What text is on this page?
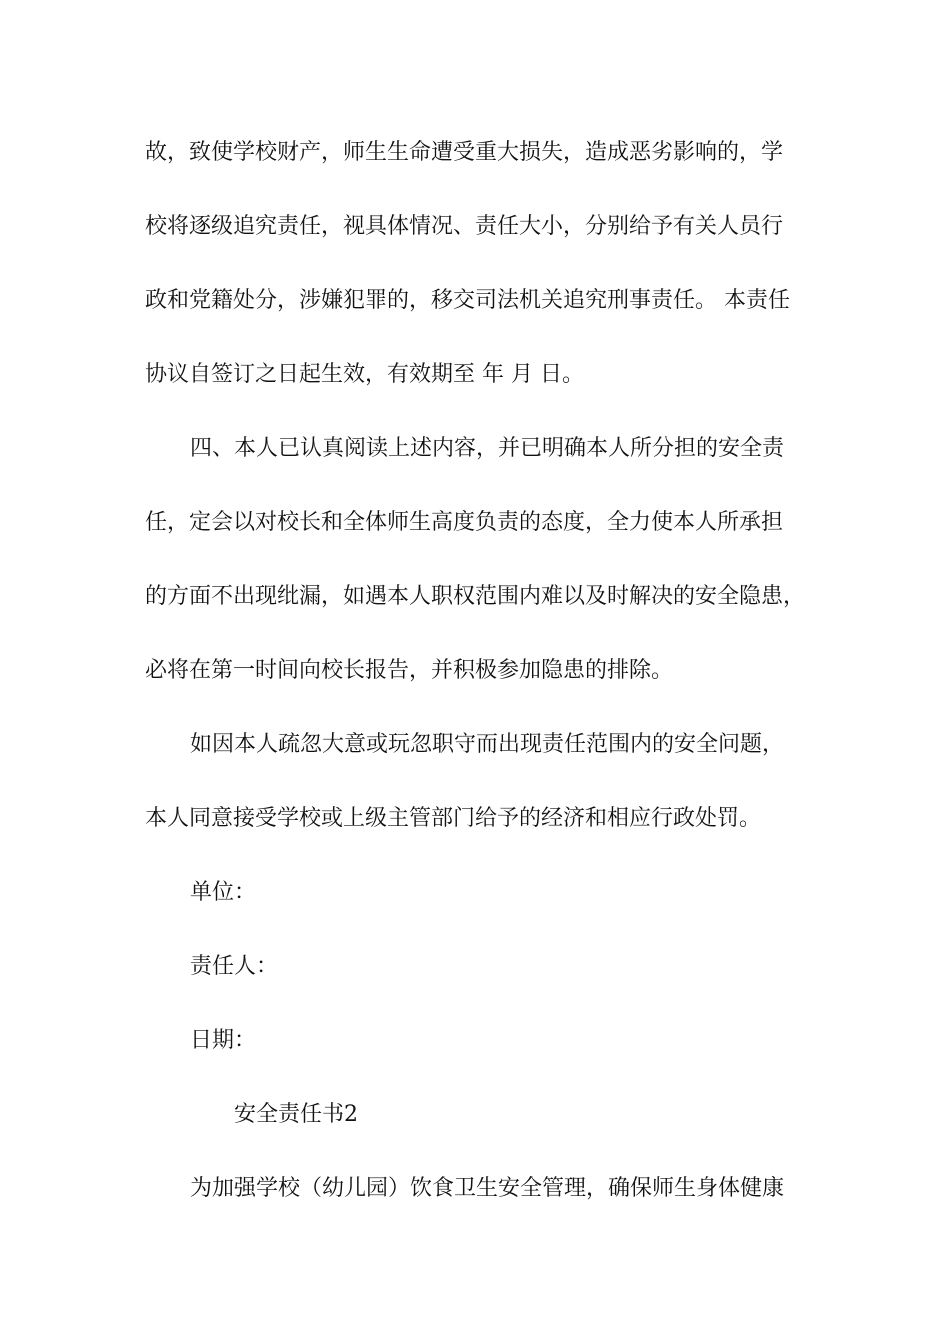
故，致使学校财产，师生生命遭受重大损失，造成恶劣影响的，学
校将逐级追究责任，视具体情况、责任大小，分别给予有关人员行
政和党籍处分，涉嫌犯罪的，移交司法机关追究刑事责任。 本责任
协议自签订之日起生效，有效期至 年 月 日。
四、本人已认真阅读上述内容，并已明确本人所分担的安全责
任，定会以对校长和全体师生高度负责的态度，全力使本人所承担
的方面不出现纰漏，如遇本人职权范围内难以及时解决的安全隐患，
必将在第一时间向校长报告，并积极参加隐患的排除。
如因本人疏忽大意或玩忽职守而出现责任范围内的安全问题，
本人同意接受学校或上级主管部门给予的经济和相应行政处罚。
单位：
责任人：
日期：
安全责任书2
为加强学校（幼儿园）饮食卫生安全管理，确保师生身体健康
